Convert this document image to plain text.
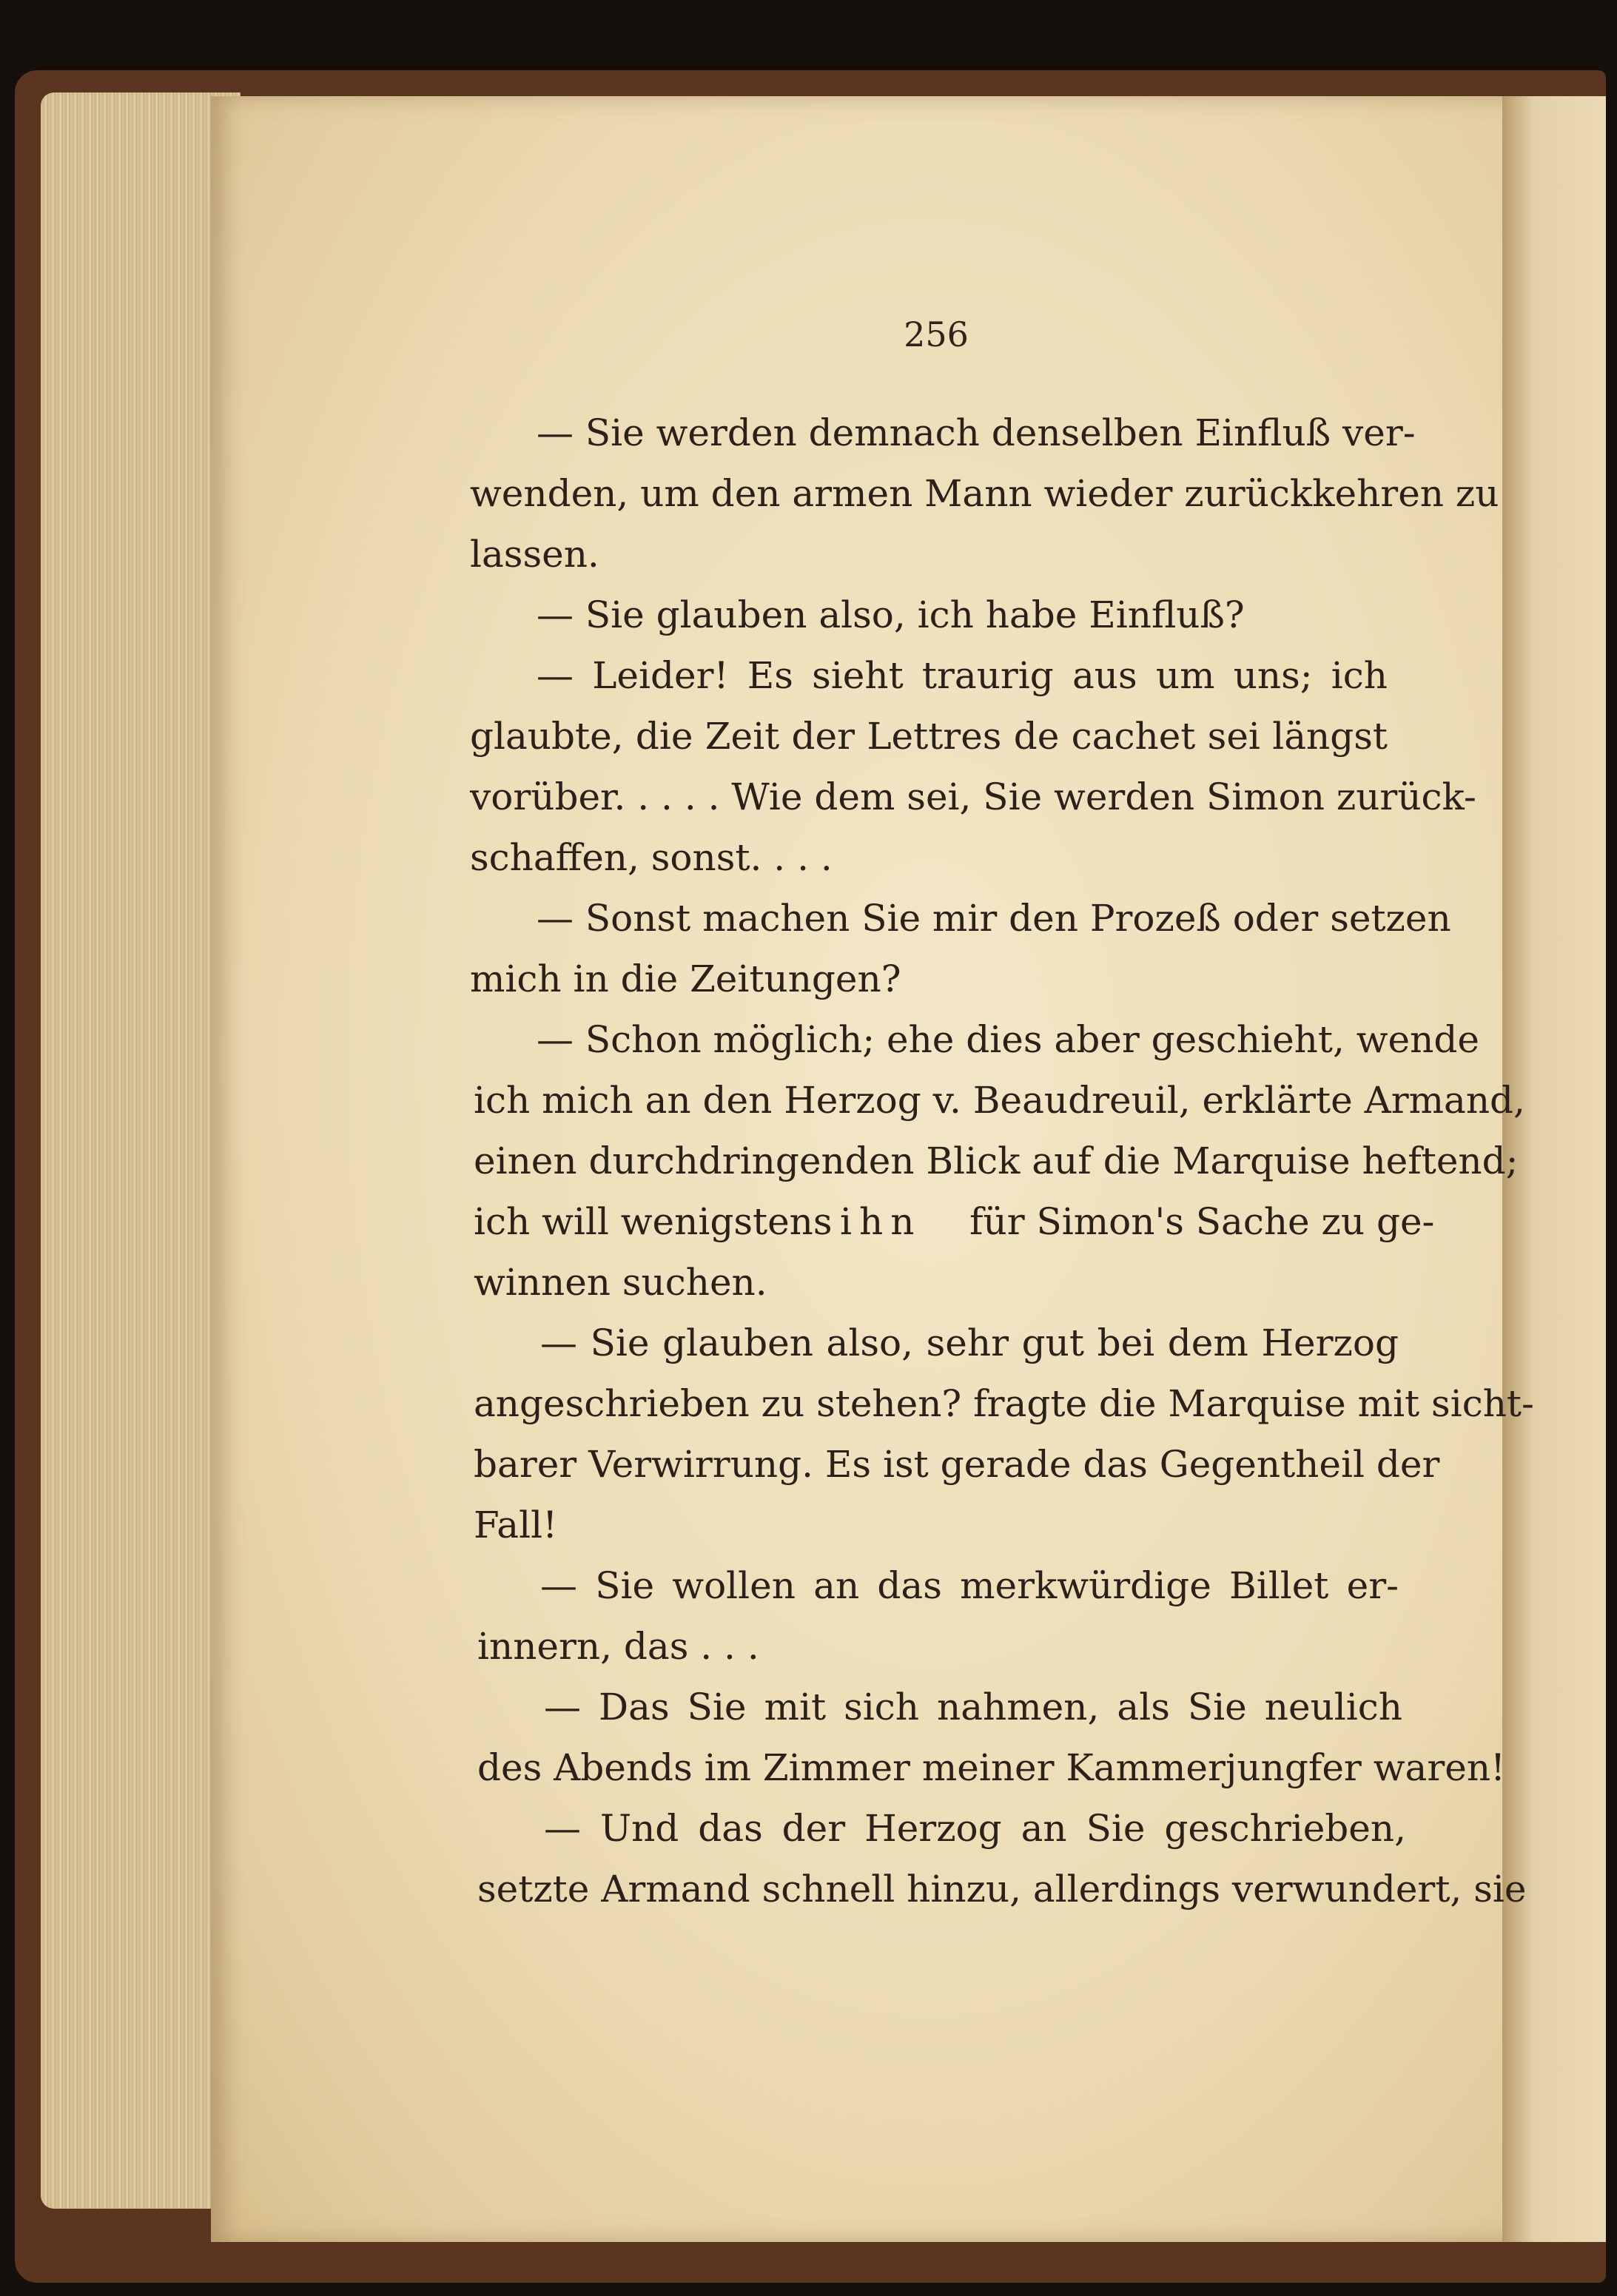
256
— Sie werden demnach denselben Einfluß ver-
wenden, um den armen Mann wieder zurückkehren zu
lassen.
— Sie glauben also, ich habe Einfluß?
— Leider! Es sieht traurig aus um uns; ich
glaubte, die Zeit der Lettres de cachet sei längst
vorüber. . . . . Wie dem sei, Sie werden Simon zurück-
schaffen, sonst. . . .
— Sonst machen Sie mir den Prozeß oder setzen
mich in die Zeitungen?
— Schon möglich; ehe dies aber geschieht, wende
ich mich an den Herzog v. Beaudreuil, erklärte Armand,
einen durchdringenden Blick auf die Marquise heftend;
ich will wenigstens ihn für Simon's Sache zu ge-
winnen suchen.
— Sie glauben also, sehr gut bei dem Herzog
angeschrieben zu stehen? fragte die Marquise mit sicht-
barer Verwirrung. Es ist gerade das Gegentheil der
Fall!
— Sie wollen an das merkwürdige Billet er-
innern, das . . .
— Das Sie mit sich nahmen, als Sie neulich
des Abends im Zimmer meiner Kammerjungfer waren!
— Und das der Herzog an Sie geschrieben,
setzte Armand schnell hinzu, allerdings verwundert, sie
